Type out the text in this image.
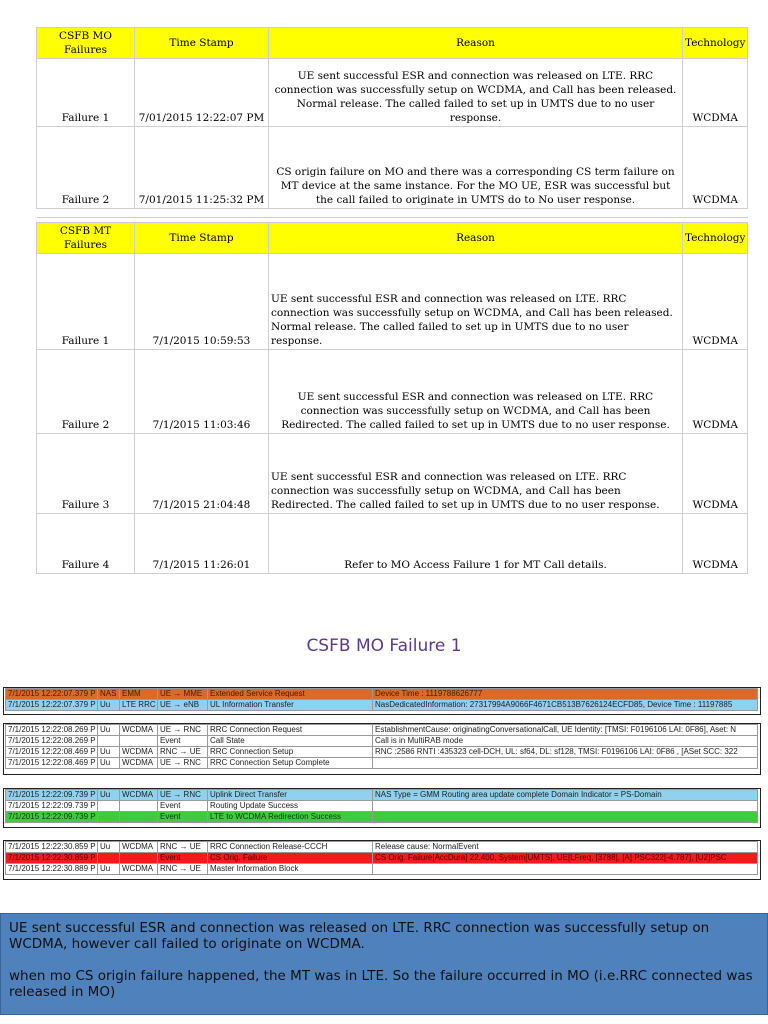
CSFB MO Failures	Time Stamp	Reason	Technology
Failure 1	7/01/2015 12:22:07 PM	UE sent successful ESR and connection was released on LTE. RRC connection was successfully setup on WCDMA, and Call has been released. Normal release. The called failed to set up in UMTS due to no user response.	WCDMA
Failure 2	7/01/2015 11:25:32 PM	CS origin failure on MO and there was a corresponding CS term failure on MT device at the same instance. For the MO UE, ESR was successful but the call failed to originate in UMTS do to No user response.	WCDMA

CSFB MT Failures	Time Stamp	Reason	Technology
Failure 1	7/1/2015 10:59:53	UE sent successful ESR and connection was released on LTE. RRC connection was successfully setup on WCDMA, and Call has been released. Normal release. The called failed to set up in UMTS due to no user response.	WCDMA
Failure 2	7/1/2015 11:03:46	UE sent successful ESR and connection was released on LTE. RRC connection was successfully setup on WCDMA, and Call has been Redirected. The called failed to set up in UMTS due to no user response.	WCDMA
Failure 3	7/1/2015 21:04:48	UE sent successful ESR and connection was released on LTE. RRC connection was successfully setup on WCDMA, and Call has been Redirected. The called failed to set up in UMTS due to no user response.	WCDMA
Failure 4	7/1/2015 11:26:01	Refer to MO Access Failure 1 for MT Call details.	WCDMA
CSFB MO Failure 1
7/1/2015 12:22:07.379 P	NAS	EMM	UE → MME	Extended Service Request	Device Time : 1119788626777
7/1/2015 12:22:07.379 P	Uu	LTE RRC	UE → eNB	UL Information Transfer	NasDedicatedInformation: 27317994A9066F4671CB513B7626124ECFD85, Device Time : 11197885
7/1/2015 12:22:08.269 P	Uu	WCDMA	UE → RNC	RRC Connection Request	EstablishmentCause: originatingConversationalCall, UE Identity: [TMSI: F0196106 LAI: 0F86], Aset: N
7/1/2015 12:22:08.269 P			Event	Call State	Call is in MultiRAB mode
7/1/2015 12:22:08.469 P	Uu	WCDMA	RNC → UE	RRC Connection Setup	RNC :2586 RNTI :435323 cell-DCH, UL: sf64, DL: sf128, TMSI: F0196106 LAI: 0F86 , [ASet SCC: 322
7/1/2015 12:22:08.469 P	Uu	WCDMA	UE → RNC	RRC Connection Setup Complete	
7/1/2015 12:22:09.739 P	Uu	WCDMA	UE → RNC	Uplink Direct Transfer	NAS Type = GMM Routing area update complete Domain Indicator = PS-Domain
7/1/2015 12:22:09.739 P			Event	Routing Update Success	
7/1/2015 12:22:09.739 P			Event	LTE to WCDMA Redirection Success	
7/1/2015 12:22:30.859 P	Uu	WCDMA	RNC → UE	RRC Connection Release-CCCH	Release cause: NormalEvent
7/1/2015 12:22:30.859 P			Event	CS Orig. Failure	CS Orig. Failure[AccDura] 22.400, System[UMTS], UE[LFreq, [3788], [A] PSC322[-4.787], [U2]PSC
7/1/2015 12:22:30.889 P	Uu	WCDMA	RNC → UE	Master Information Block	

UE sent successful ESR and connection was released on LTE. RRC connection was successfully setup on WCDMA, however call failed to originate on WCDMA.

when mo CS origin failure happened, the MT was in LTE. So the failure occurred in MO (i.e.RRC connected was released in MO)
